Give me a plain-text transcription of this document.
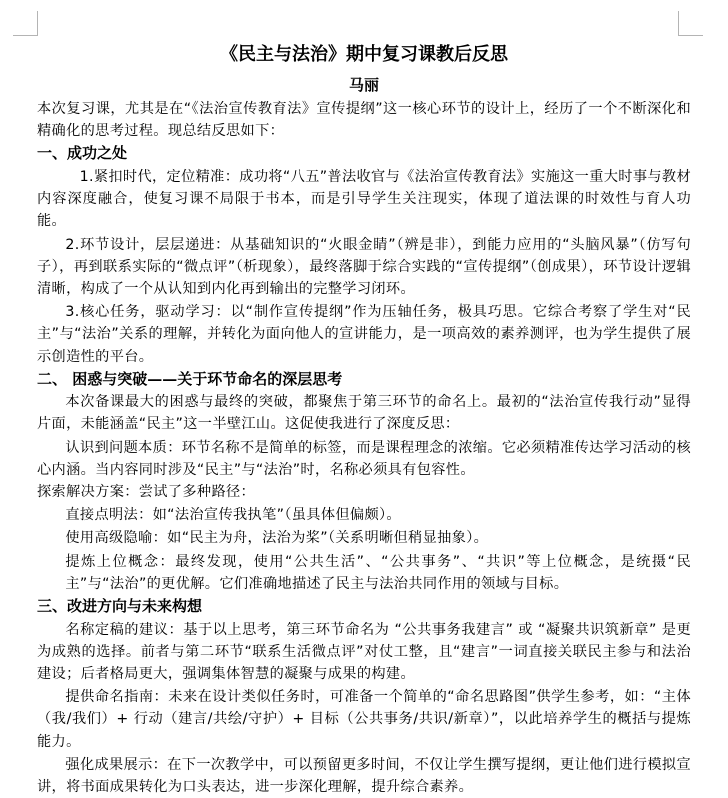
《民主与法治》期中复习课教后反思
马丽

本次复习课，尤其是在“《法治宣传教育法》宣传提纲”这一核心环节的设计上，经历了一个不断深化和精确化的思考过程。现总结反思如下：

一、成功之处

1.紧扣时代，定位精准：成功将“八五”普法收官与《法治宣传教育法》实施这一重大时事与教材内容深度融合，使复习课不局限于书本，而是引导学生关注现实，体现了道法课的时效性与育人功能。

2.环节设计，层层递进：从基础知识的“火眼金睛”（辨是非），到能力应用的“头脑风暴”（仿写句子），再到联系实际的“微点评”（析现象），最终落脚于综合实践的“宣传提纲”（创成果），环节设计逻辑清晰，构成了一个从认知到内化再到输出的完整学习闭环。

3.核心任务，驱动学习：以“制作宣传提纲”作为压轴任务，极具巧思。它综合考察了学生对“民主”与“法治”关系的理解，并转化为面向他人的宣讲能力，是一项高效的素养测评，也为学生提供了展示创造性的平台。

二、 困惑与突破——关于环节命名的深层思考

本次备课最大的困惑与最终的突破，都聚焦于第三环节的命名上。最初的“法治宣传我行动”显得片面，未能涵盖“民主”这一半壁江山。这促使我进行了深度反思：

认识到问题本质：环节名称不是简单的标签，而是课程理念的浓缩。它必须精准传达学习活动的核心内涵。当内容同时涉及“民主”与“法治”时，名称必须具有包容性。

探索解决方案：尝试了多种路径：

直接点明法：如“法治宣传我执笔”（虽具体但偏颇）。

使用高级隐喻：如“民主为舟，法治为桨”（关系明晰但稍显抽象）。

提炼上位概念：最终发现，使用“公共生活”、“公共事务”、“共识”等上位概念，是统摄“民主”与“法治”的更优解。它们准确地描述了民主与法治共同作用的领域与目标。

三、改进方向与未来构想

名称定稿的建议：基于以上思考，第三环节命名为 “公共事务我建言” 或 “凝聚共识筑新章” 是更为成熟的选择。前者与第二环节“联系生活微点评”对仗工整，且“建言”一词直接关联民主参与和法治建设；后者格局更大，强调集体智慧的凝聚与成果的构建。

提供命名指南：未来在设计类似任务时，可准备一个简单的“命名思路图”供学生参考，如：“主体（我/我们）+ 行动（建言/共绘/守护）+ 目标（公共事务/共识/新章）”，以此培养学生的概括与提炼能力。

强化成果展示：在下一次教学中，可以预留更多时间，不仅让学生撰写提纲，更让他们进行模拟宣讲，将书面成果转化为口头表达，进一步深化理解，提升综合素养。
